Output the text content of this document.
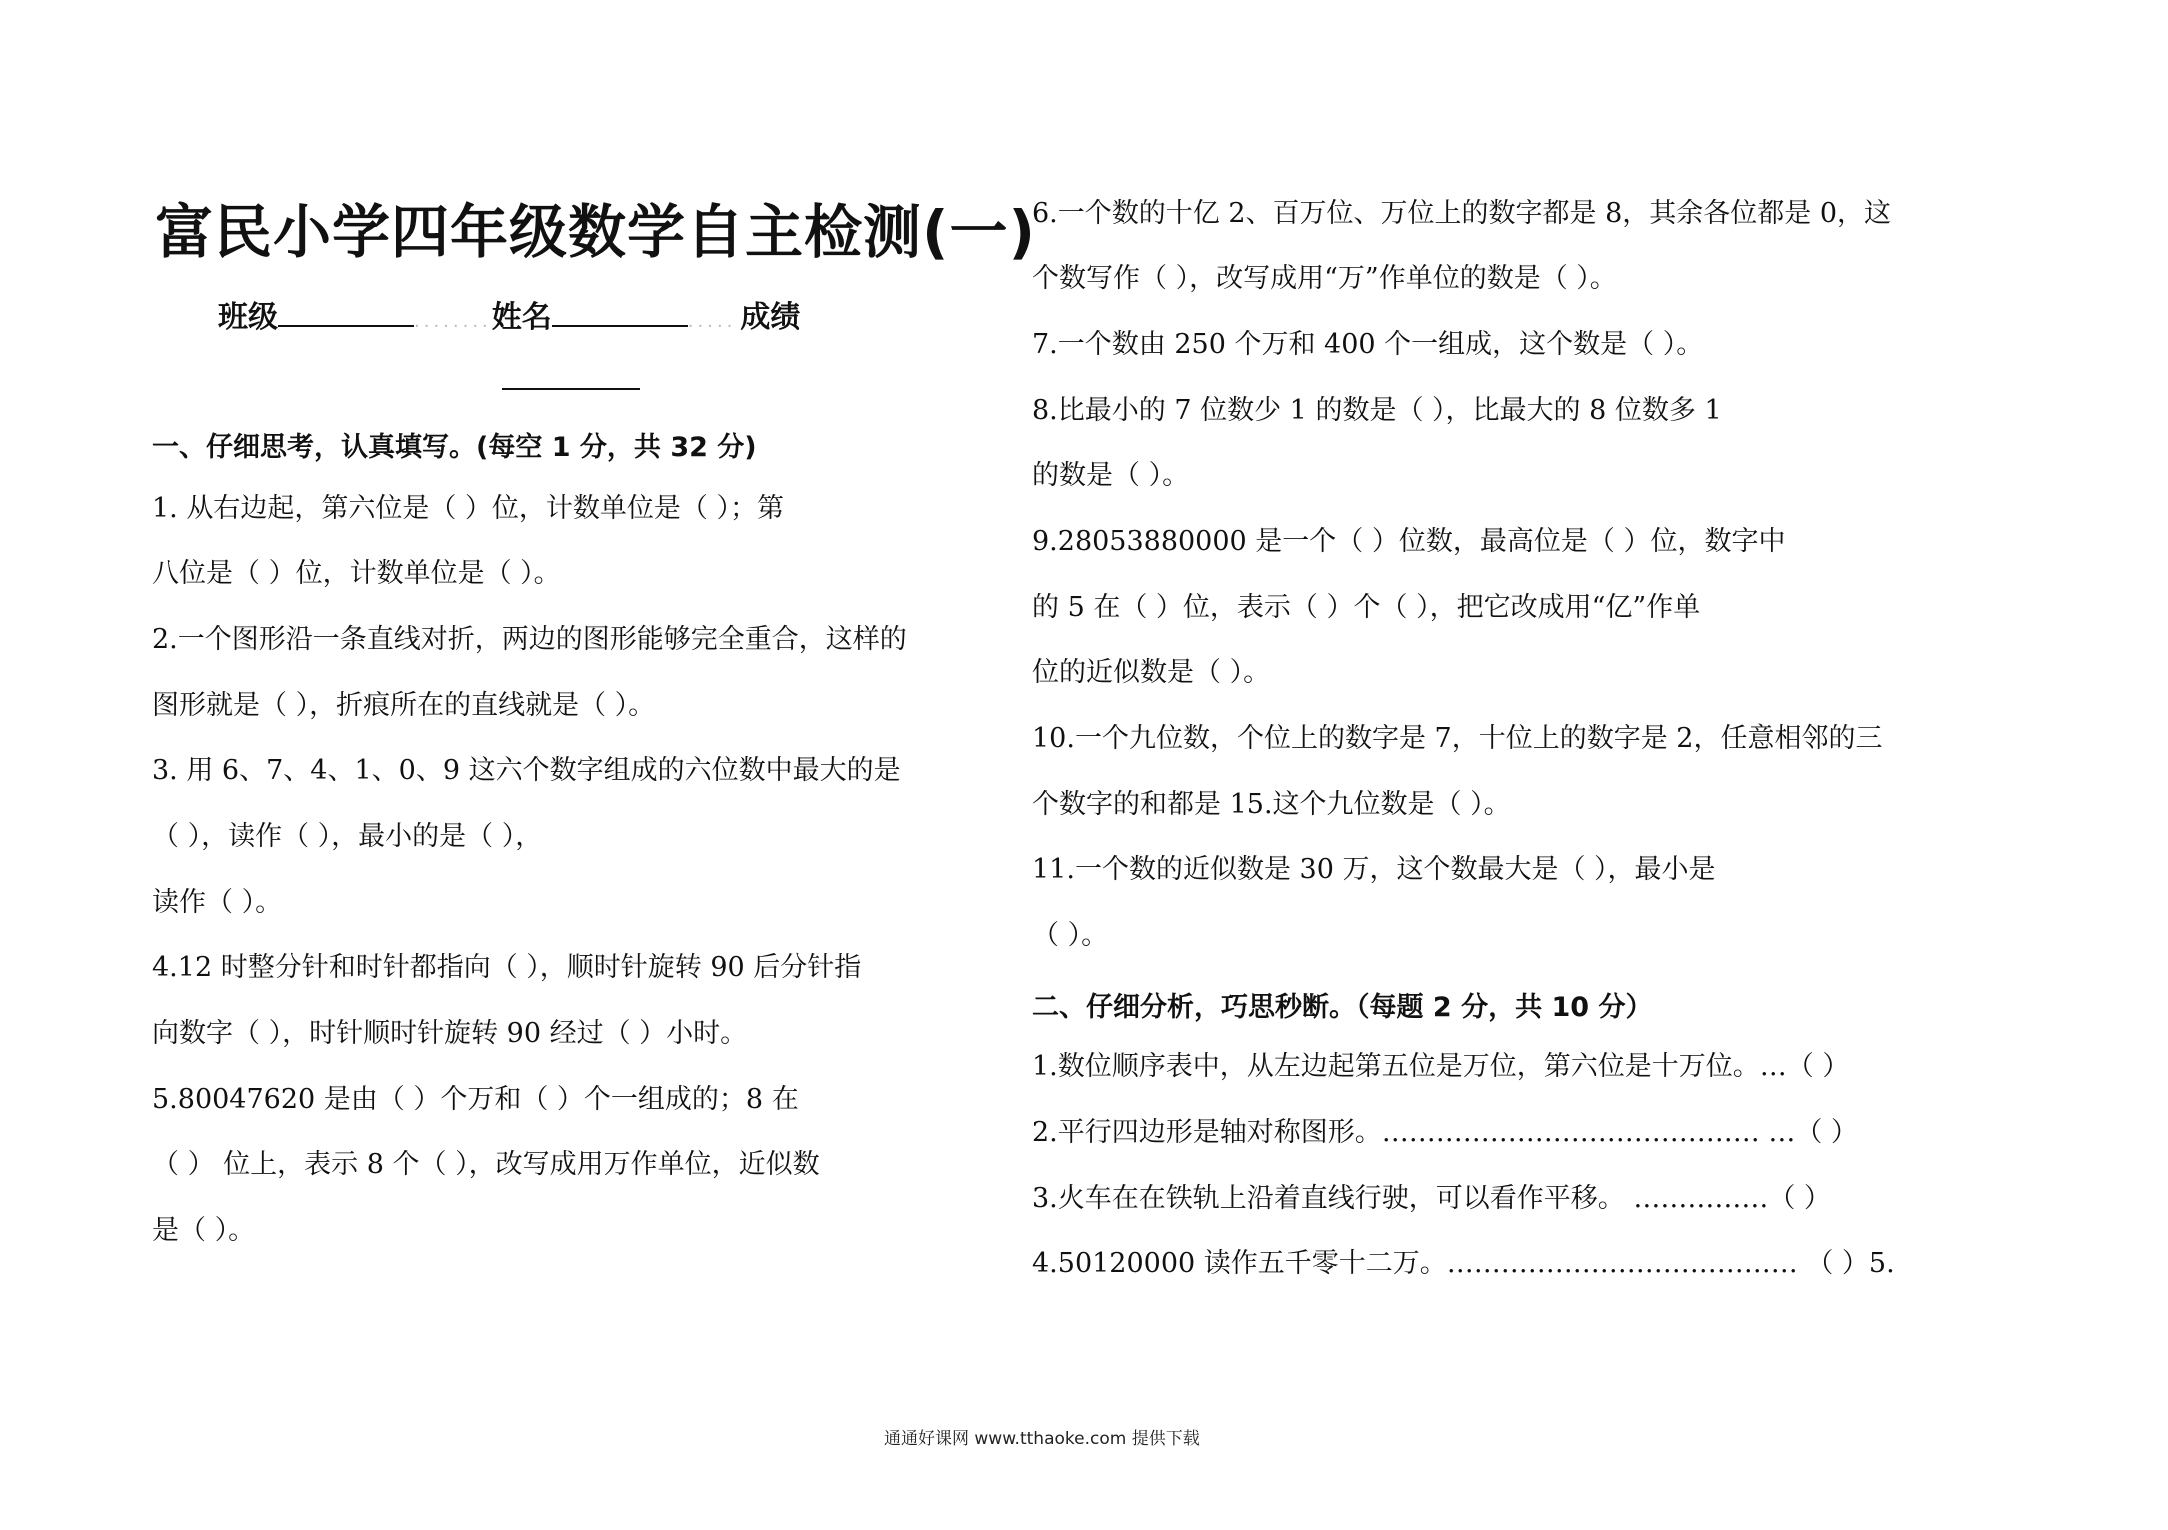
富民小学四年级数学自主检测(一)
班级	........姓名	..... 成绩
一、仔细思考，认真填写。(每空 1 分，共 32 分)
1. 从右边起，第六位是（ ）位，计数单位是（ ）；第
八位是（ ）位，计数单位是（ ）。
2.一个图形沿一条直线对折，两边的图形能够完全重合，这样的
图形就是（ ），折痕所在的直线就是（ ）。
3. 用 6、7、4、1、0、9 这六个数字组成的六位数中最大的是
（ ），读作（ ），最小的是（ ），
读作（ ）。
4.12 时整分针和时针都指向（ ），顺时针旋转 90 后分针指
向数字（ ），时针顺时针旋转 90 经过（ ）小时。
5.80047620 是由（ ）个万和（ ）个一组成的；8 在
（ ） 位上，表示 8 个（ ），改写成用万作单位，近似数
是（ ）。
6.一个数的十亿 2、百万位、万位上的数字都是 8，其余各位都是 0，这
个数写作（ ），改写成用“万”作单位的数是（ ）。
7.一个数由 250 个万和 400 个一组成，这个数是（ ）。
8.比最小的 7 位数少 1 的数是（ ），比最大的 8 位数多 1
的数是（ ）。
9.28053880000 是一个（ ）位数，最高位是（ ）位，数字中
的 5 在（ ）位，表示（ ）个（ ），把它改成用“亿”作单
位的近似数是（ ）。
10.一个九位数，个位上的数字是 7，十位上的数字是 2，任意相邻的三
个数字的和都是 15.这个九位数是（ ）。
11.一个数的近似数是 30 万，这个数最大是（ ），最小是
（ ）。
二、仔细分析，巧思秒断。（每题 2 分，共 10 分）
1.数位顺序表中，从左边起第五位是万位，第六位是十万位。…（ ）
2.平行四边形是轴对称图形。…………………………………… …（ ）
3.火车在在铁轨上沿着直线行驶，可以看作平移。 ……………（ ）
4.50120000 读作五千零十二万。………………………………… （ ）5.
通通好课网 www.tthaoke.com 提供下载
